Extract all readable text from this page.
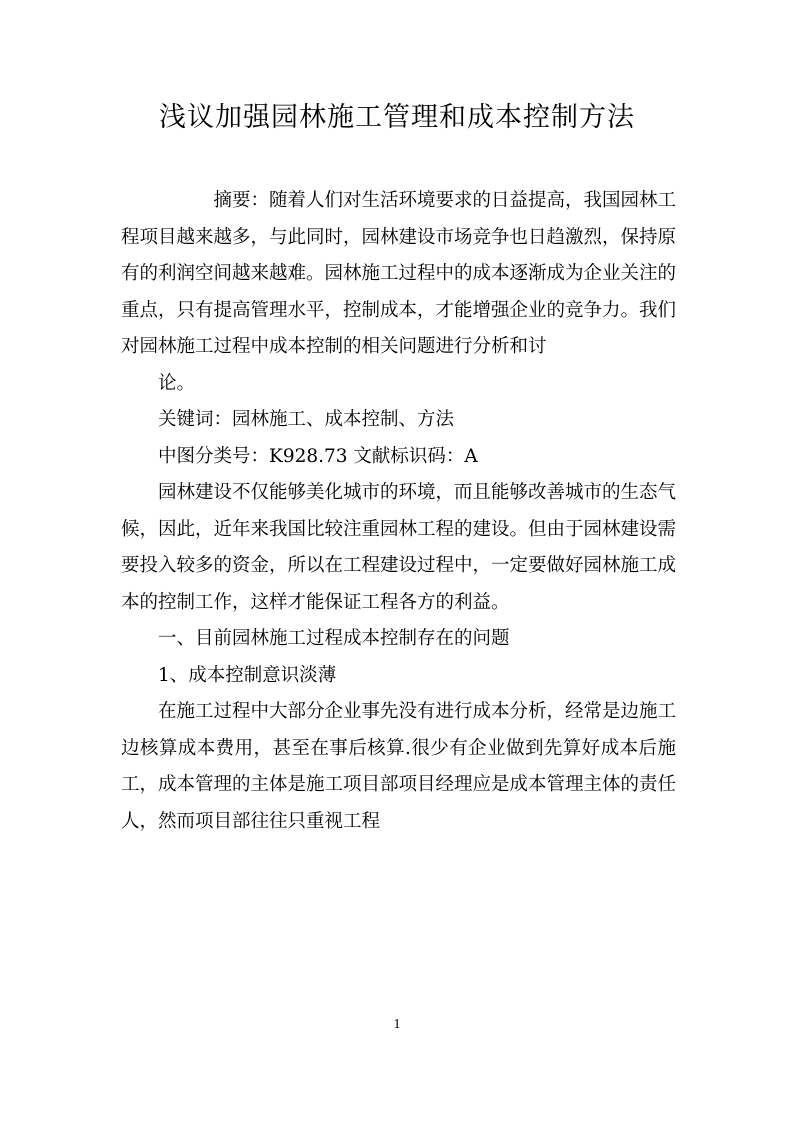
浅议加强园林施工管理和成本控制方法

摘要：随着人们对生活环境要求的日益提高，我国园林工程项目越来越多，与此同时，园林建设市场竞争也日趋激烈，保持原有的利润空间越来越难。园林施工过程中的成本逐渐成为企业关注的重点，只有提高管理水平，控制成本，才能增强企业的竞争力。我们对园林施工过程中成本控制的相关问题进行分析和讨

论。

关键词：园林施工、成本控制、方法

中图分类号：K928.73 文献标识码：A

园林建设不仅能够美化城市的环境，而且能够改善城市的生态气候，因此，近年来我国比较注重园林工程的建设。但由于园林建设需要投入较多的资金，所以在工程建设过程中，一定要做好园林施工成本的控制工作，这样才能保证工程各方的利益。

一、目前园林施工过程成本控制存在的问题

1、成本控制意识淡薄

在施工过程中大部分企业事先没有进行成本分析，经常是边施工边核算成本费用，甚至在事后核算.很少有企业做到先算好成本后施工，成本管理的主体是施工项目部项目经理应是成本管理主体的责任人，然而项目部往往只重视工程

1
